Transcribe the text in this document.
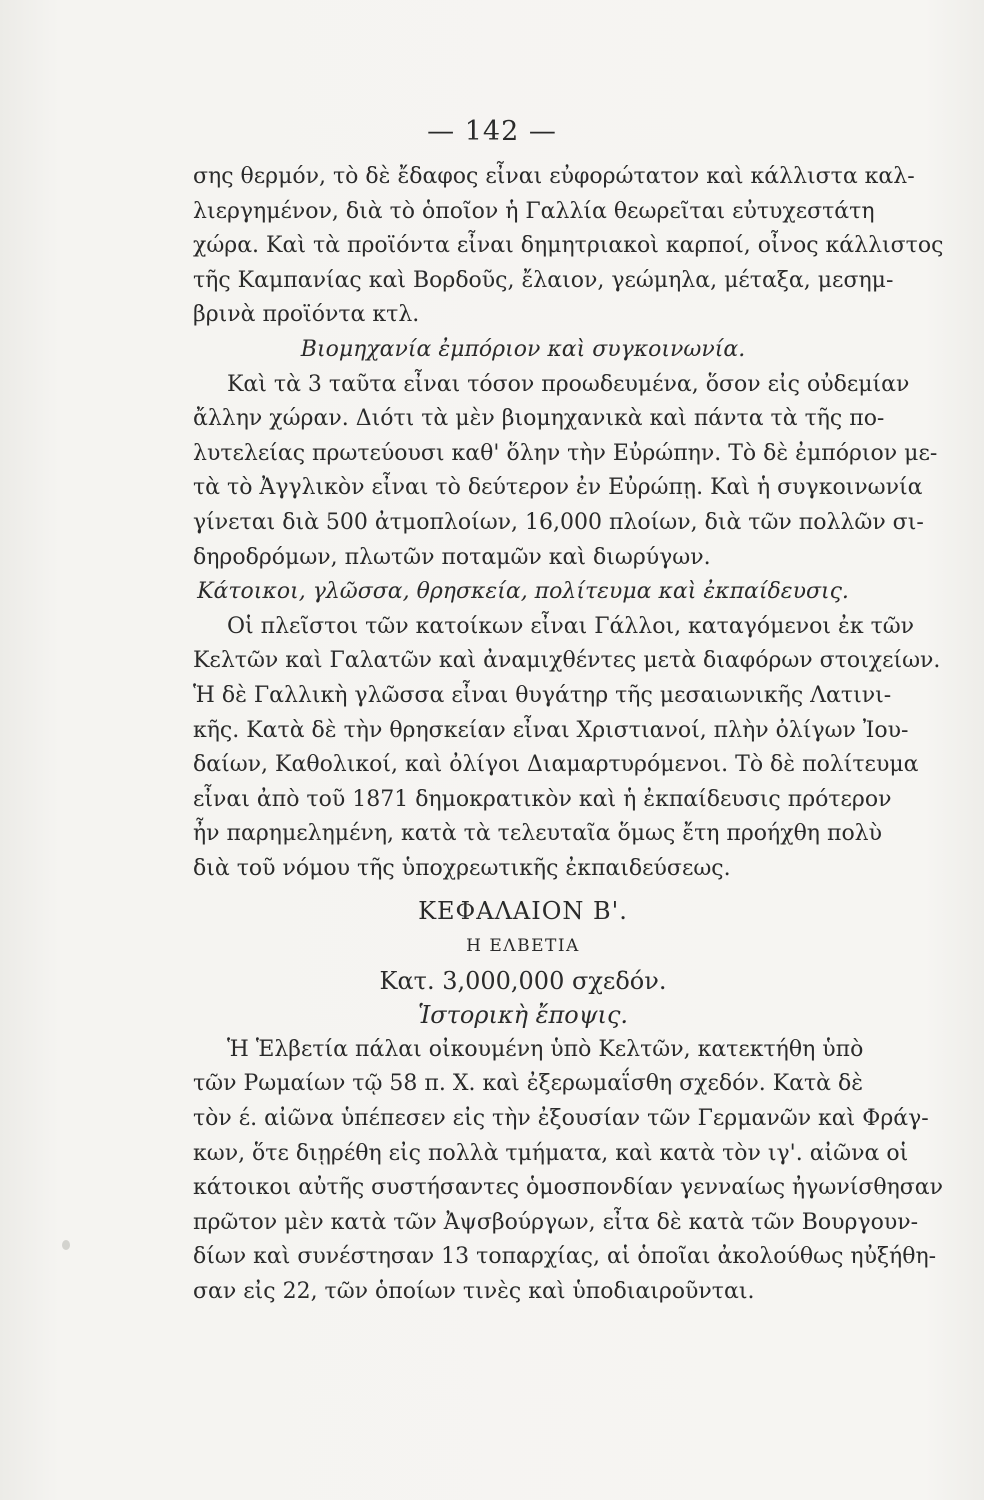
— 142 —
σης θερμόν, τὸ δὲ ἔδαφος εἶναι εὐφορώτατον καὶ κάλλιστα καλ-
λιεργημένον, διὰ τὸ ὁποῖον ἡ Γαλλία θεωρεῖται εὐτυχεστάτη
χώρα. Καὶ τὰ προϊόντα εἶναι δημητριακοὶ καρποί, οἶνος κάλλιστος
τῆς Καμπανίας καὶ Βορδοῦς, ἔλαιον, γεώμηλα, μέταξα, μεσημ-
βρινὰ προϊόντα κτλ.
Βιομηχανία ἐμπόριον καὶ συγκοινωνία.
Καὶ τὰ 3 ταῦτα εἶναι τόσον προωδευμένα, ὅσον εἰς οὐδεμίαν
ἄλλην χώραν. Διότι τὰ μὲν βιομηχανικὰ καὶ πάντα τὰ τῆς πο-
λυτελείας πρωτεύουσι καθ' ὅλην τὴν Εὐρώπην. Τὸ δὲ ἐμπόριον με-
τὰ τὸ Ἀγγλικὸν εἶναι τὸ δεύτερον ἐν Εὐρώπῃ. Καὶ ἡ συγκοινωνία
γίνεται διὰ 500 ἀτμοπλοίων, 16,000 πλοίων, διὰ τῶν πολλῶν σι-
δηροδρόμων, πλωτῶν ποταμῶν καὶ διωρύγων.
Κάτοικοι, γλῶσσα, θρησκεία, πολίτευμα καὶ ἐκπαίδευσις.
Οἱ πλεῖστοι τῶν κατοίκων εἶναι Γάλλοι, καταγόμενοι ἐκ τῶν
Κελτῶν καὶ Γαλατῶν καὶ ἀναμιχθέντες μετὰ διαφόρων στοιχείων.
Ἡ δὲ Γαλλικὴ γλῶσσα εἶναι θυγάτηρ τῆς μεσαιωνικῆς Λατινι-
κῆς. Κατὰ δὲ τὴν θρησκείαν εἶναι Χριστιανοί, πλὴν ὀλίγων Ἰου-
δαίων, Καθολικοί, καὶ ὀλίγοι Διαμαρτυρόμενοι. Τὸ δὲ πολίτευμα
εἶναι ἀπὸ τοῦ 1871 δημοκρατικὸν καὶ ἡ ἐκπαίδευσις πρότερον
ἦν παρημελημένη, κατὰ τὰ τελευταῖα ὅμως ἔτη προήχθη πολὺ
διὰ τοῦ νόμου τῆς ὑποχρεωτικῆς ἐκπαιδεύσεως.
ΚΕΦΑΛΑΙΟΝ Β'.
Η ΕΛΒΕΤΙΑ
Κατ. 3,000,000 σχεδόν.
Ἱστορικὴ ἔποψις.
Ἡ Ἑλβετία πάλαι οἰκουμένη ὑπὸ Κελτῶν, κατεκτήθη ὑπὸ
τῶν Ρωμαίων τῷ 58 π. Χ. καὶ ἐξερωμαΐσθη σχεδόν. Κατὰ δὲ
τὸν έ. αἰῶνα ὑπέπεσεν εἰς τὴν ἐξουσίαν τῶν Γερμανῶν καὶ Φράγ-
κων, ὅτε διῃρέθη εἰς πολλὰ τμήματα, καὶ κατὰ τὸν ιγ'. αἰῶνα οἱ
κάτοικοι αὐτῆς συστήσαντες ὁμοσπονδίαν γενναίως ἠγωνίσθησαν
πρῶτον μὲν κατὰ τῶν Ἀψσβούργων, εἶτα δὲ κατὰ τῶν Βουργουν-
δίων καὶ συνέστησαν 13 τοπαρχίας, αἱ ὁποῖαι ἀκολούθως ηὐξήθη-
σαν εἰς 22, τῶν ὁποίων τινὲς καὶ ὑποδιαιροῦνται.
